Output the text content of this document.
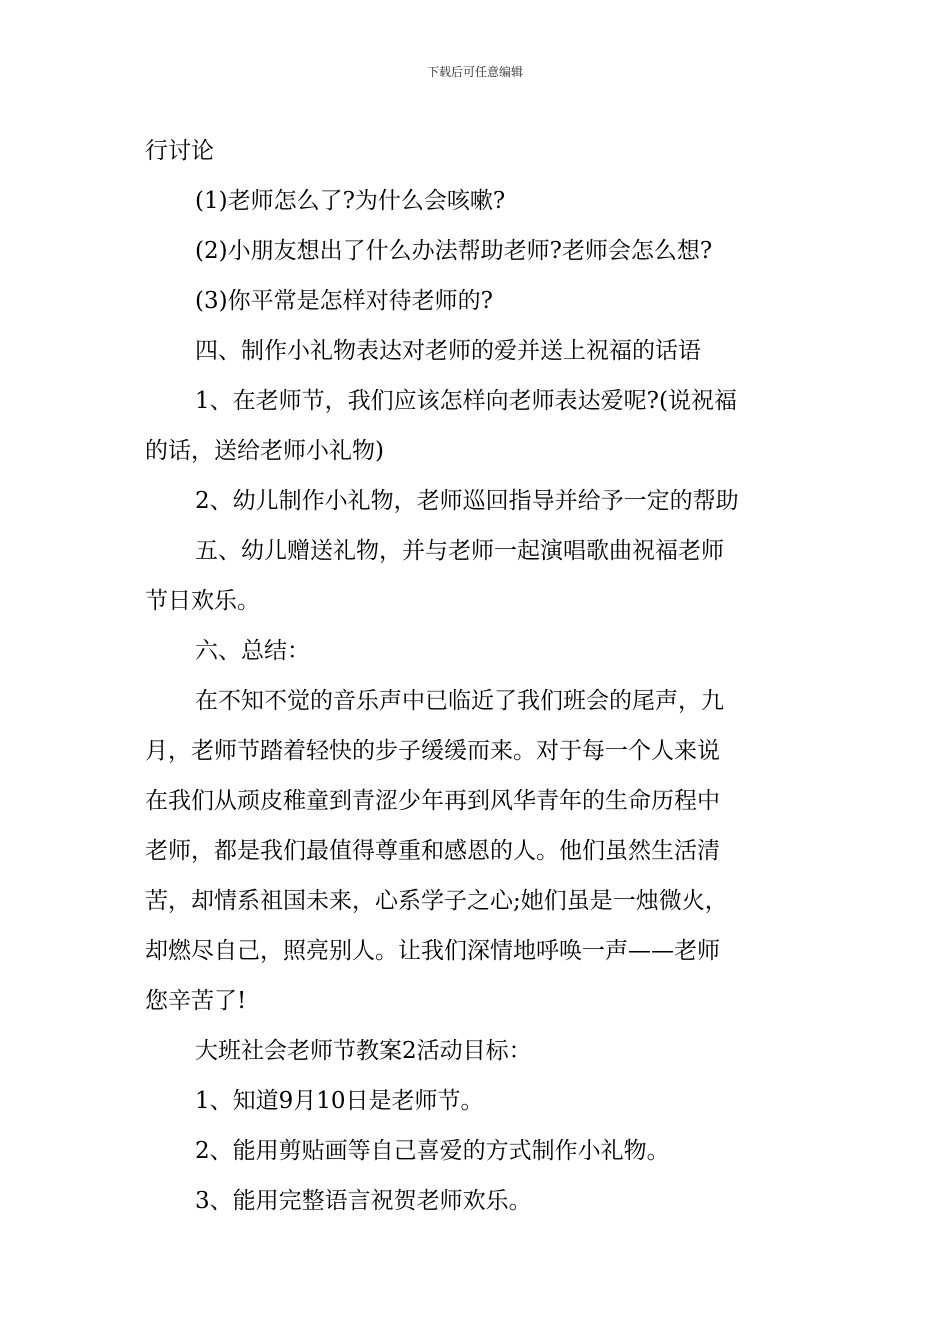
下载后可任意编辑

行讨论

(1)老师怎么了?为什么会咳嗽?

(2)小朋友想出了什么办法帮助老师?老师会怎么想?

(3)你平常是怎样对待老师的?

四、制作小礼物表达对老师的爱并送上祝福的话语

1、在老师节，我们应该怎样向老师表达爱呢?(说祝福

的话，送给老师小礼物)

2、幼儿制作小礼物，老师巡回指导并给予一定的帮助

五、幼儿赠送礼物，并与老师一起演唱歌曲祝福老师

节日欢乐。

六、总结：

在不知不觉的音乐声中已临近了我们班会的尾声，九

月，老师节踏着轻快的步子缓缓而来。对于每一个人来说

在我们从顽皮稚童到青涩少年再到风华青年的生命历程中

老师，都是我们最值得尊重和感恩的人。他们虽然生活清

苦，却情系祖国未来，心系学子之心;她们虽是一烛微火，

却燃尽自己，照亮别人。让我们深情地呼唤一声——老师

您辛苦了!

大班社会老师节教案2活动目标：

1、知道9月10日是老师节。

2、能用剪贴画等自己喜爱的方式制作小礼物。

3、能用完整语言祝贺老师欢乐。
